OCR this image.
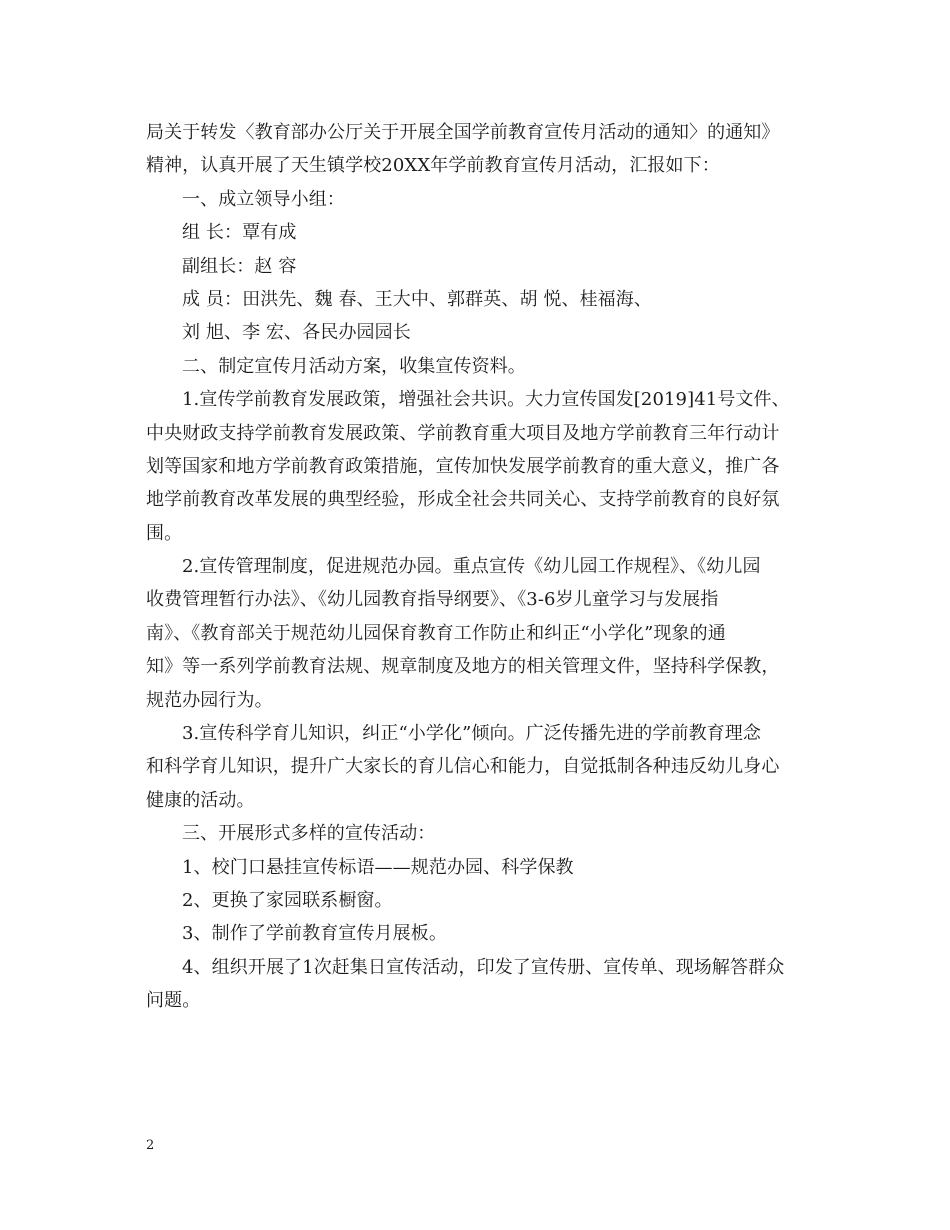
局关于转发〈教育部办公厅关于开展全国学前教育宣传月活动的通知〉的通知》
精神，认真开展了天生镇学校20XX年学前教育宣传月活动，汇报如下：
一、成立领导小组：
组 长：覃有成
副组长：赵 容
成 员：田洪先、魏 春、王大中、郭群英、胡 悦、桂福海、
刘 旭、李 宏、各民办园园长
二、制定宣传月活动方案，收集宣传资料。
1.宣传学前教育发展政策，增强社会共识。大力宣传国发[2019]41号文件、
中央财政支持学前教育发展政策、学前教育重大项目及地方学前教育三年行动计
划等国家和地方学前教育政策措施，宣传加快发展学前教育的重大意义，推广各
地学前教育改革发展的典型经验，形成全社会共同关心、支持学前教育的良好氛
围。
2.宣传管理制度，促进规范办园。重点宣传《幼儿园工作规程》、《幼儿园
收费管理暂行办法》、《幼儿园教育指导纲要》、《3-6岁儿童学习与发展指
南》、《教育部关于规范幼儿园保育教育工作防止和纠正“小学化”现象的通
知》等一系列学前教育法规、规章制度及地方的相关管理文件，坚持科学保教，
规范办园行为。
3.宣传科学育儿知识，纠正“小学化”倾向。广泛传播先进的学前教育理念
和科学育儿知识，提升广大家长的育儿信心和能力，自觉抵制各种违反幼儿身心
健康的活动。
三、开展形式多样的宣传活动：
1、校门口悬挂宣传标语——规范办园、科学保教
2、更换了家园联系橱窗。
3、制作了学前教育宣传月展板。
4、组织开展了1次赶集日宣传活动，印发了宣传册、宣传单、现场解答群众
问题。
2
